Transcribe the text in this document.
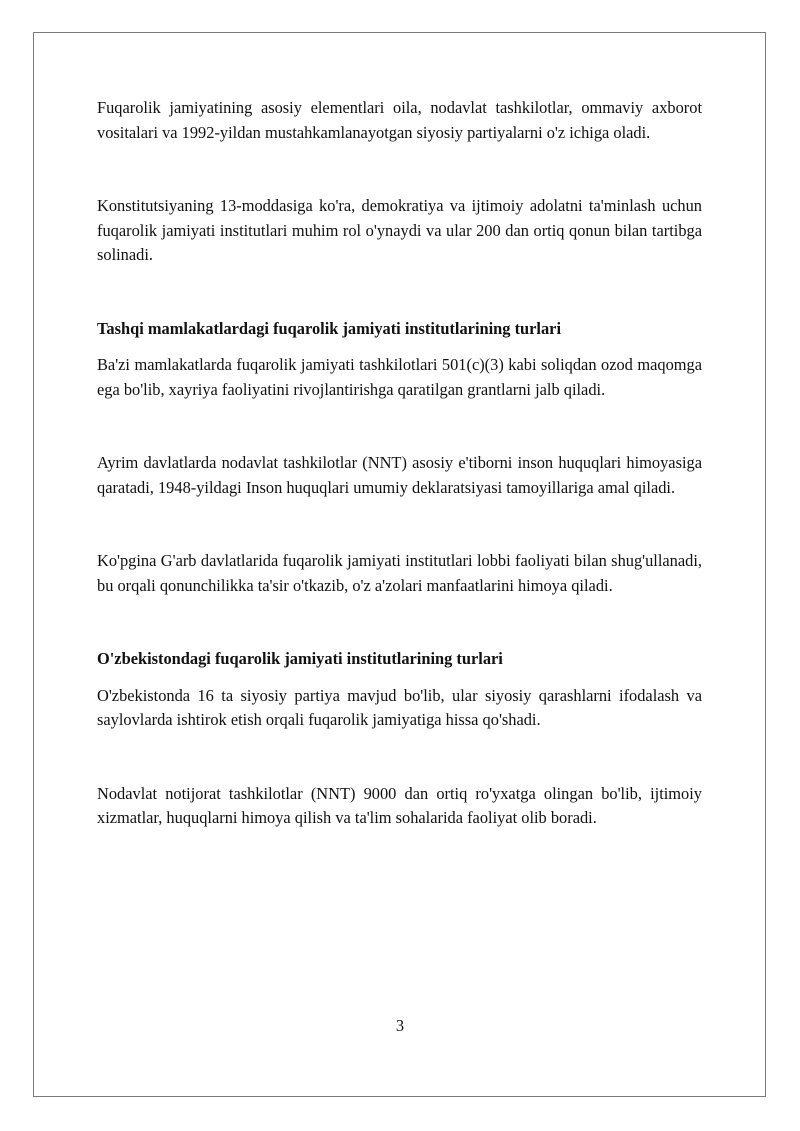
Fuqarolik jamiyatining asosiy elementlari oila, nodavlat tashkilotlar, ommaviy axborot vositalari va 1992-yildan mustahkamlanayotgan siyosiy partiyalarni o'z ichiga oladi.

Konstitutsiyaning 13-moddasiga ko'ra, demokratiya va ijtimoiy adolatni ta'minlash uchun fuqarolik jamiyati institutlari muhim rol o'ynaydi va ular 200 dan ortiq qonun bilan tartibga solinadi.

Tashqi mamlakatlardagi fuqarolik jamiyati institutlarining turlari

Ba'zi mamlakatlarda fuqarolik jamiyati tashkilotlari 501(c)(3) kabi soliqdan ozod maqomga ega bo'lib, xayriya faoliyatini rivojlantirishga qaratilgan grantlarni jalb qiladi.

Ayrim davlatlarda nodavlat tashkilotlar (NNT) asosiy e'tiborni inson huquqlari himoyasiga qaratadi, 1948-yildagi Inson huquqlari umumiy deklaratsiyasi tamoyillariga amal qiladi.

Ko'pgina G'arb davlatlarida fuqarolik jamiyati institutlari lobbi faoliyati bilan shug'ullanadi, bu orqali qonunchilikka ta'sir o'tkazib, o'z a'zolari manfaatlarini himoya qiladi.

O'zbekistondagi fuqarolik jamiyati institutlarining turlari

O'zbekistonda 16 ta siyosiy partiya mavjud bo'lib, ular siyosiy qarashlarni ifodalash va saylovlarda ishtirok etish orqali fuqarolik jamiyatiga hissa qo'shadi.

Nodavlat notijorat tashkilotlar (NNT) 9000 dan ortiq ro'yxatga olingan bo'lib, ijtimoiy xizmatlar, huquqlarni himoya qilish va ta'lim sohalarida faoliyat olib boradi.

3
